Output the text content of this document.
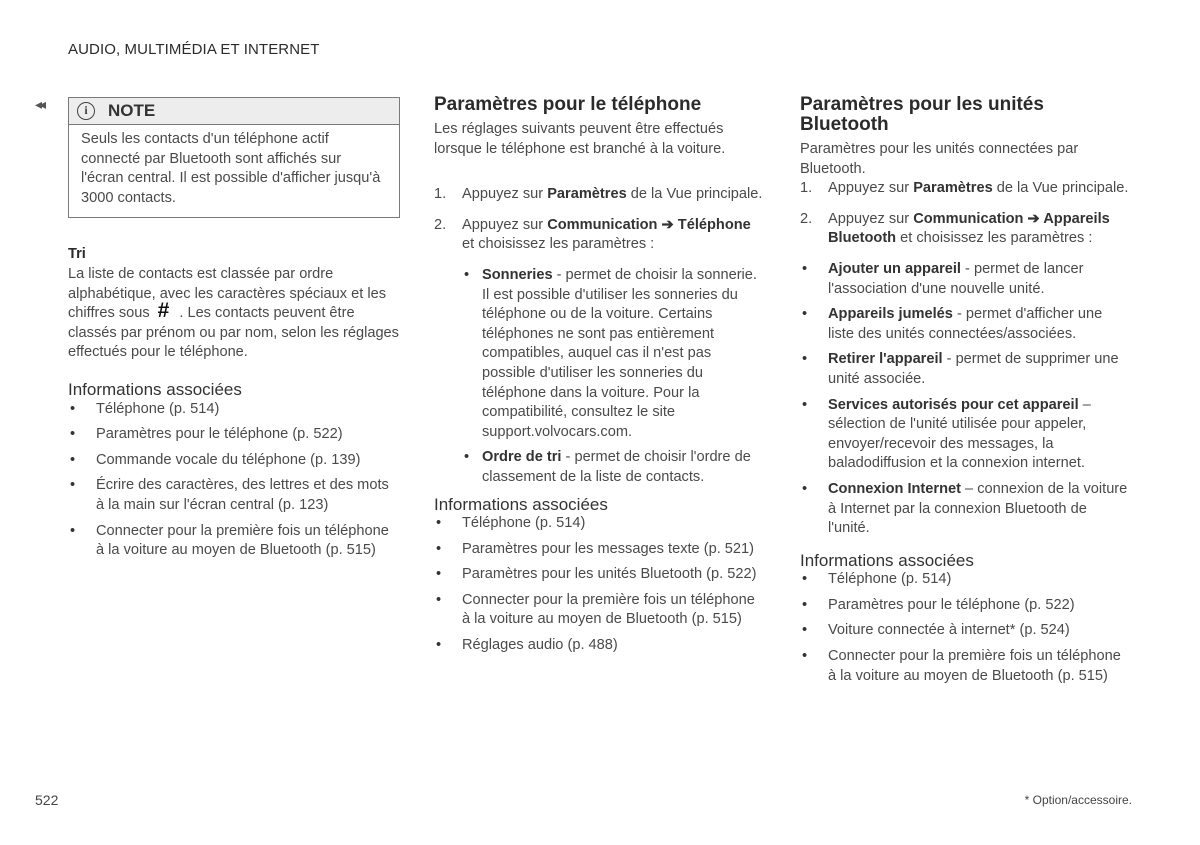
AUDIO, MULTIMÉDIA ET INTERNET
◂◂	i	NOTE
Seuls les contacts d'un téléphone actif connecté par Bluetooth sont affichés sur l'écran central. Il est possible d'afficher jusqu'à 3000 contacts.
Tri

La liste de contacts est classée par ordre alphabétique, avec les caractères spéciaux et les chiffres sous # . Les contacts peuvent être classés par prénom ou par nom, selon les réglages effectués pour le téléphone.

Informations associées
• Téléphone (p. 514)
• Paramètres pour le téléphone (p. 522)
• Commande vocale du téléphone (p. 139)
• Écrire des caractères, des lettres et des mots à la main sur l'écran central (p. 123)
• Connecter pour la première fois un téléphone à la voiture au moyen de Bluetooth (p. 515)
Paramètres pour le téléphone

Les réglages suivants peuvent être effectués lorsque le téléphone est branché à la voiture.

1. Appuyez sur Paramètres de la Vue principale.
2. Appuyez sur Communication ➔ Téléphone et choisissez les paramètres :
• Sonneries - permet de choisir la sonnerie. Il est possible d'utiliser les sonneries du téléphone ou de la voiture. Certains téléphones ne sont pas entièrement compatibles, auquel cas il n'est pas possible d'utiliser les sonneries du téléphone dans la voiture. Pour la compatibilité, consultez le site support.volvocars.com.
• Ordre de tri - permet de choisir l'ordre de classement de la liste de contacts.
Informations associées
• Téléphone (p. 514)
• Paramètres pour les messages texte (p. 521)
• Paramètres pour les unités Bluetooth (p. 522)
• Connecter pour la première fois un téléphone à la voiture au moyen de Bluetooth (p. 515)
• Réglages audio (p. 488)
Paramètres pour les unités Bluetooth

Paramètres pour les unités connectées par Bluetooth.

1. Appuyez sur Paramètres de la Vue principale.
2. Appuyez sur Communication ➔ Appareils Bluetooth et choisissez les paramètres :
• Ajouter un appareil - permet de lancer l'association d'une nouvelle unité.
• Appareils jumelés - permet d'afficher une liste des unités connectées/associées.
• Retirer l'appareil - permet de supprimer une unité associée.
• Services autorisés pour cet appareil – sélection de l'unité utilisée pour appeler, envoyer/recevoir des messages, la baladodiffusion et la connexion internet.
• Connexion Internet – connexion de la voiture à Internet par la connexion Bluetooth de l'unité.
Informations associées
• Téléphone (p. 514)
• Paramètres pour le téléphone (p. 522)
• Voiture connectée à internet* (p. 524)
• Connecter pour la première fois un téléphone à la voiture au moyen de Bluetooth (p. 515)
522	* Option/accessoire.
